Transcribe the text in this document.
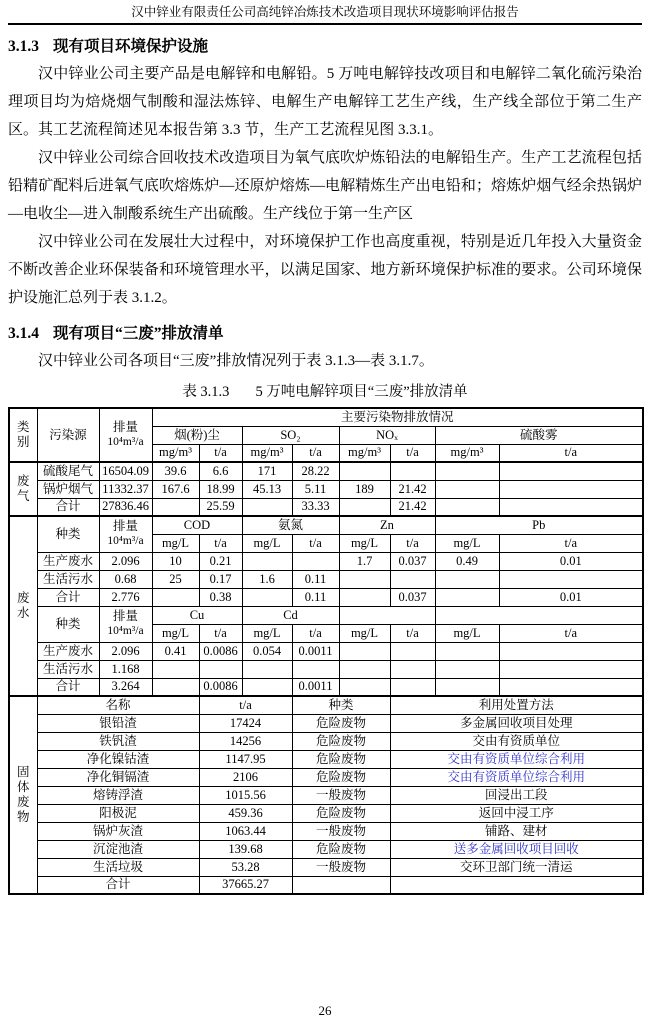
汉中锌业有限责任公司高纯锌冶炼技术改造项目现状环境影响评估报告
3.1.3 现有项目环境保护设施

汉中锌业公司主要产品是电解锌和电解铅。5 万吨电解锌技改项目和电解锌二氧化硫污染治理项目均为焙烧烟气制酸和湿法炼锌、电解生产电解锌工艺生产线，生产线全部位于第二生产区。其工艺流程简述见本报告第 3.3 节，生产工艺流程见图 3.3.1。

汉中锌业公司综合回收技术改造项目为氧气底吹炉炼铅法的电解铅生产。生产工艺流程包括铅精矿配料后进氧气底吹熔炼炉—还原炉熔炼—电解精炼生产出电铅和；熔炼炉烟气经余热锅炉—电收尘—进入制酸系统生产出硫酸。生产线位于第一生产区

汉中锌业公司在发展壮大过程中，对环境保护工作也高度重视，特别是近几年投入大量资金不断改善企业环保装备和环境管理水平，以满足国家、地方新环境保护标准的要求。公司环境保护设施汇总列于表 3.1.2。

3.1.4 现有项目“三废”排放清单

汉中锌业公司各项目“三废”排放情况列于表 3.1.3—表 3.1.7。

表 3.1.3 5 万吨电解锌项目“三废”排放清单
类别	污染源	排量
10⁴m³/a	主要污染物排放情况							
			烟(粉)尘		SO₂		NOₓ		硫酸雾	
			mg/m³	t/a	mg/m³	t/a	mg/m³	t/a	mg/m³	t/a
废气	硫酸尾气	16504.09	39.6	6.6	171	28.22				
	锅炉烟气	11332.37	167.6	18.99	45.13	5.11	189	21.42		
	合计	27836.46		25.59		33.33		21.42		
废水	种类	排量
10⁴m³/a	COD		氨氮		Zn		Pb	
			mg/L	t/a	mg/L	t/a	mg/L	t/a	mg/L	t/a
	生产废水	2.096	10	0.21			1.7	0.037	0.49	0.01
	生活污水	0.68	25	0.17	1.6	0.11				
	合计	2.776		0.38		0.11		0.037		0.01
	种类	排量
10⁴m³/a	Cu		Cd					
			mg/L	t/a	mg/L	t/a	mg/L	t/a	mg/L	t/a
	生产废水	2.096	0.41	0.0086	0.054	0.0011				
	生活污水	1.168								
	合计	3.264		0.0086		0.0011				
固体废物	名称			t/a		种类		利用处置方法		
	银铅渣			17424		危险废物		多金属回收项目处理		
	铁钒渣			14256		危险废物		交由有资质单位		
	净化镍钴渣			1147.95		危险废物		交由有资质单位综合利用		
	净化铜镉渣			2106		危险废物		交由有资质单位综合利用		
	熔铸浮渣			1015.56		一般废物		回浸出工段		
	阳极泥			459.36		危险废物		返回中浸工序		
	锅炉灰渣			1063.44		一般废物		铺路、建材		
	沉淀池渣			139.68		危险废物		送多金属回收项目回收		
	生活垃圾			53.28		一般废物		交环卫部门统一清运		
	合计			37665.27						
26
